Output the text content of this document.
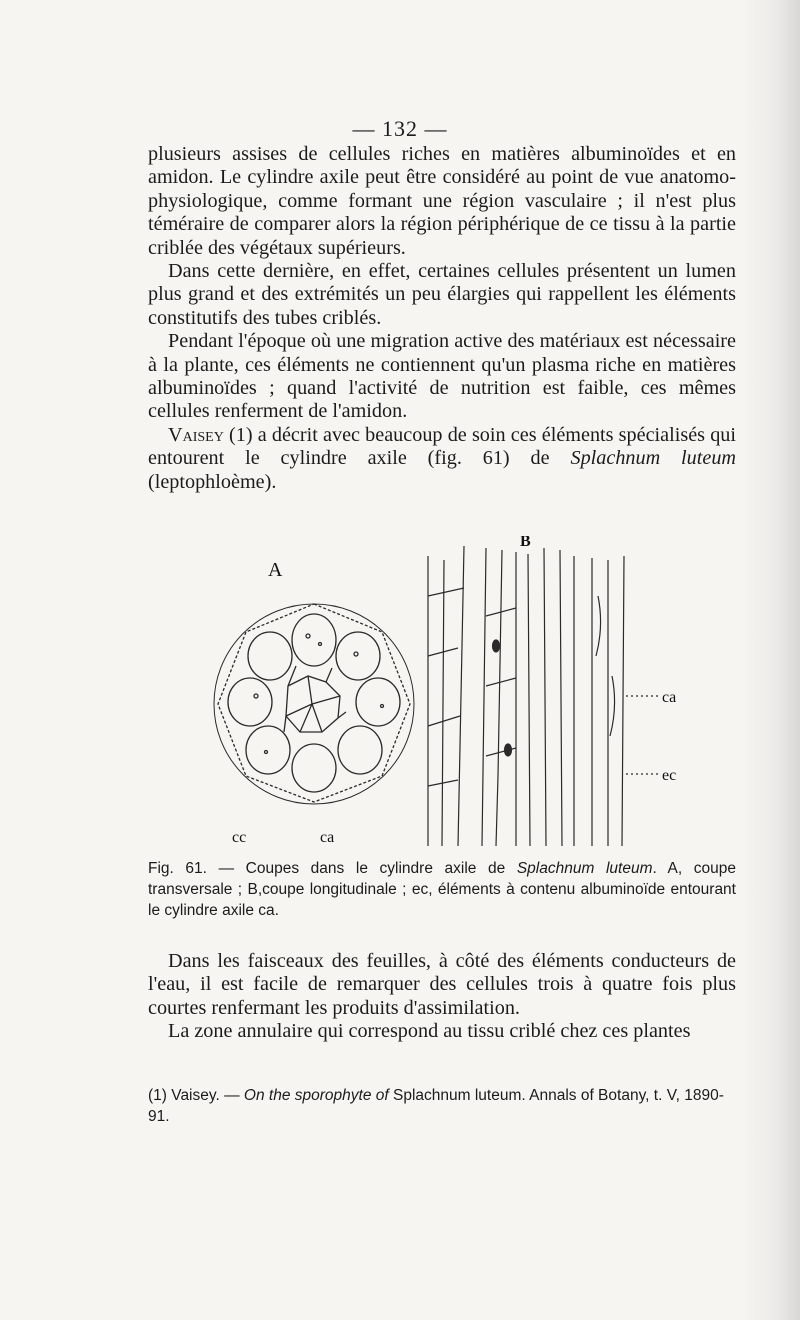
— 132 —

plusieurs assises de cellules riches en matières albuminoïdes et en amidon. Le cylindre axile peut être considéré au point de vue anatomo-physiologique, comme formant une région vasculaire ; il n'est plus téméraire de comparer alors la région périphérique de ce tissu à la partie criblée des végétaux supérieurs.

Dans cette dernière, en effet, certaines cellules présentent un lumen plus grand et des extrémités un peu élargies qui rappellent les éléments constitutifs des tubes criblés.

Pendant l'époque où une migration active des matériaux est nécessaire à la plante, ces éléments ne contiennent qu'un plasma riche en matières albuminoïdes ; quand l'activité de nutrition est faible, ces mêmes cellules renferment de l'amidon.

Vaisey (1) a décrit avec beaucoup de soin ces éléments spécialisés qui entourent le cylindre axile (fig. 61) de Splachnum luteum (leptophloème).

A
B
cc	ca
ca
ec
Fig. 61. — Coupes dans le cylindre axile de Splachnum luteum. A, coupe transversale ; B,coupe longitudinale ; ec, éléments à contenu albuminoïde entourant le cylindre axile ca.

Dans les faisceaux des feuilles, à côté des éléments conducteurs de l'eau, il est facile de remarquer des cellules trois à quatre fois plus courtes renfermant les produits d'assimilation.

La zone annulaire qui correspond au tissu criblé chez ces plantes

(1) Vaisey. — On the sporophyte of Splachnum luteum. Annals of Botany, t. V, 1890-91.
